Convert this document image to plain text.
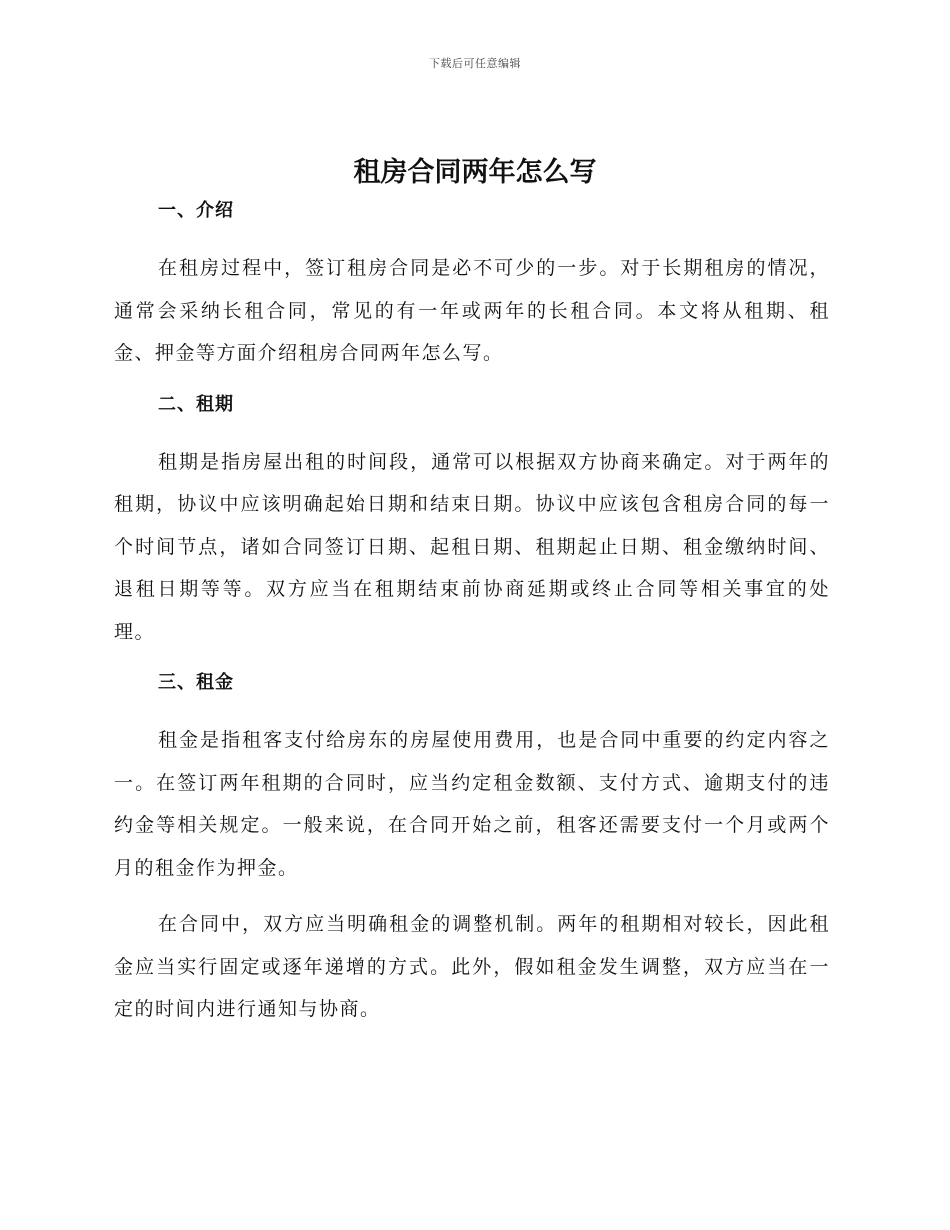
下载后可任意编辑
租房合同两年怎么写
一、介绍

在租房过程中，签订租房合同是必不可少的一步。对于长期租房的情况，通常会采纳长租合同，常见的有一年或两年的长租合同。本文将从租期、租金、押金等方面介绍租房合同两年怎么写。

二、租期

租期是指房屋出租的时间段，通常可以根据双方协商来确定。对于两年的租期，协议中应该明确起始日期和结束日期。协议中应该包含租房合同的每一个时间节点，诸如合同签订日期、起租日期、租期起止日期、租金缴纳时间、退租日期等等。双方应当在租期结束前协商延期或终止合同等相关事宜的处理。

三、租金

租金是指租客支付给房东的房屋使用费用，也是合同中重要的约定内容之一。在签订两年租期的合同时，应当约定租金数额、支付方式、逾期支付的违约金等相关规定。一般来说，在合同开始之前，租客还需要支付一个月或两个月的租金作为押金。

在合同中，双方应当明确租金的调整机制。两年的租期相对较长，因此租金应当实行固定或逐年递增的方式。此外，假如租金发生调整，双方应当在一定的时间内进行通知与协商。
